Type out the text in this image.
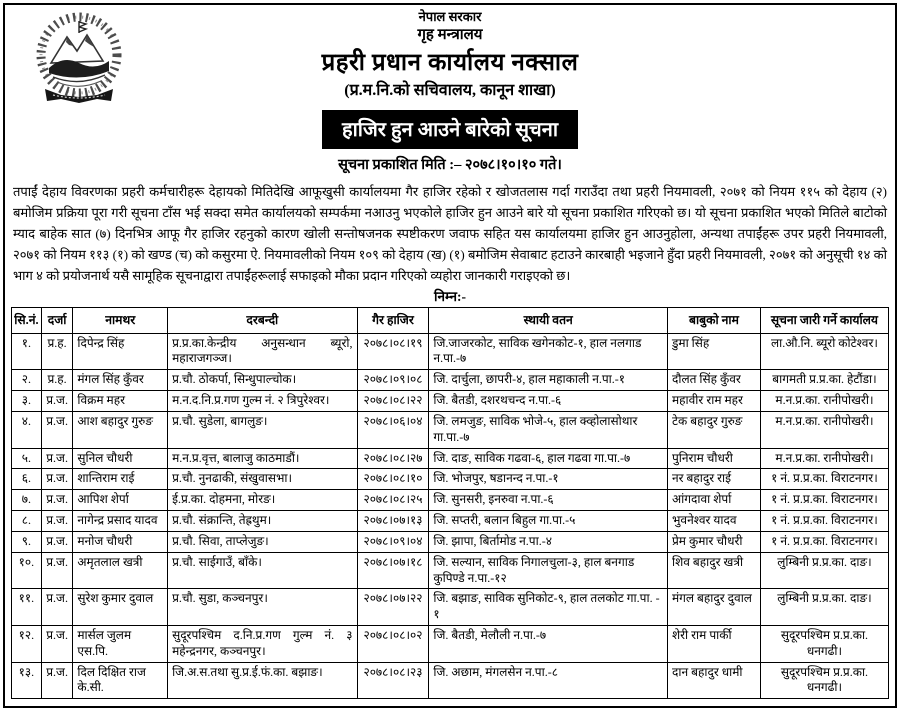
नेपाल सरकार
गृह मन्त्रालय
प्रहरी प्रधान कार्यालय नक्साल
(प्र.म.नि.को सचिवालय, कानून शाखा)
हाजिर हुन आउने बारेको सूचना
सूचना प्रकाशित मिति :– २०७८।१०।१० गते।
तपाईं देहाय विवरणका प्रहरी कर्मचारीहरू देहायको मितिदेखि आफूखुसी कार्यालयमा गैर हाजिर रहेको र खोजतलास गर्दा गराउँदा तथा प्रहरी नियमावली, २०७१ को नियम ११५ को देहाय (२) बमोजिम प्रक्रिया पूरा गरी सूचना टाँस भई सक्दा समेत कार्यालयको सम्पर्कमा नआउनु भएकोले हाजिर हुन आउने बारे यो सूचना प्रकाशित गरिएको छ। यो सूचना प्रकाशित भएको मितिले बाटोको म्याद बाहेक सात (७) दिनभित्र आफू गैर हाजिर रहनुको कारण खोली सन्तोषजनक स्पष्टीकरण जवाफ सहित यस कार्यालयमा हाजिर हुन आउनुहोला, अन्यथा तपाईंहरू उपर प्रहरी नियमावली, २०७१ को नियम ११३ (१) को खण्ड (च) को कसुरमा ऐ. नियमावलीको नियम १०९ को देहाय (ख) (१) बमोजिम सेवाबाट हटाउने कारबाही भइजाने हुँदा प्रहरी नियमावली, २०७१ को अनुसूची १४ को भाग ४ को प्रयोजनार्थ यसै सामूहिक सूचनाद्वारा तपाईंहरूलाई सफाइको मौका प्रदान गरिएको व्यहोरा जानकारी गराइएको छ।
निम्न:-
सि.नं.	दर्जा	नामथर	दरबन्दी	गैर हाजिर	स्थायी वतन	बाबुको नाम	सूचना जारी गर्ने कार्यालय
१.	प्र.ह.	दिपेन्द्र सिंह	प्र.प्र.का.केन्द्रीय अनुसन्धान ब्यूरो, महाराजगञ्ज।	२०७८।०८।१९	जि.जाजरकोट, साविक खगेनकोट-१, हाल नलगाड न.पा.-७	डुमा सिंह	ला.औ.नि. ब्यूरो कोटेश्वर।
२.	प्र.ह.	मंगल सिंह कुँवर	प्र.चौ. ठोकर्पा, सिन्धुपाल्चोक।	२०७८।०९।०८	जि. दार्चुला, छापरी-४, हाल महाकाली न.पा.-१	दौलत सिंह कुँवर	बागमती प्र.प्र.का. हेटौंडा।
३.	प्र.ज.	विक्रम महर	म.न.द.नि.प्र.गण गुल्म नं. २ त्रिपुरेश्वर।	२०७८।०८।२२	जि. बैतडी, दशरथचन्द न.पा.-६	महावीर राम महर	म.न.प्र.का. रानीपोखरी।
४.	प्र.ज.	आश बहादुर गुरुङ	प्र.चौ. सुडेला, बागलुङ।	२०७८।०६।०४	जि. लमजुङ, साविक भोजे-५, हाल क्व्होलासोथार गा.पा.-७	टेक बहादुर गुरुङ	म.न.प्र.का. रानीपोखरी।
५.	प्र.ज.	सुनिल चौधरी	म.न.प्र.वृत्त, बालाजु काठमाडौं।	२०७८।०८।२७	जि. दाङ, साविक गढवा-६, हाल गढवा गा.पा.-७	पुनिराम चौधरी	म.न.प्र.का. रानीपोखरी।
६.	प्र.ज.	शान्तिराम राई	प्र.चौ. नुनढाकी, संखुवासभा।	२०७८।०८।१०	जि. भोजपुर, षडानन्द न.पा.-१	नर बहादुर राई	१ नं. प्र.प्र.का. विराटनगर।
७.	प्र.ज.	आपिश शेर्पा	ई.प्र.का. दोहमना, मोरङ।	२०७८।०८।२५	जि. सुनसरी, इनरुवा न.पा.-६	आंगदावा शेर्पा	१ नं. प्र.प्र.का. विराटनगर।
८.	प्र.ज.	नागेन्द्र प्रसाद यादव	प्र.चौ. संक्रान्ति, तेह्रथुम।	२०७८।०७।१३	जि. सप्तरी, बलान बिहुल गा.पा.-५	भुवनेश्वर यादव	१ नं. प्र.प्र.का. विराटनगर।
९.	प्र.ज.	मनोज चौधरी	प्र.चौ. सिवा, ताप्लेजुङ।	२०७८।०९।०४	जि. झापा, बिर्तामोड न.पा.-४	प्रेम कुमार चौधरी	१ नं. प्र.प्र.का. विराटनगर।
१०.	प्र.ज.	अमृतलाल खत्री	प्र.चौ. साईगाउँ, बाँके।	२०७८।०७।१८	जि. सल्यान, साविक निगालचुला-३, हाल बनगाड कुपिण्डे न.पा.-१२	शिव बहादुर खत्री	लुम्बिनी प्र.प्र.का. दाङ।
११.	प्र.ज.	सुरेश कुमार दुवाल	प्र.चौ. सुडा, कञ्चनपुर।	२०७८।०७।२२	जि. बझाङ, साविक सुनिकोट-९, हाल तलकोट गा.पा. - १	मंगल बहादुर दुवाल	लुम्बिनी प्र.प्र.का. दाङ।
१२.	प्र.ज.	मार्सल जुलम एस.पि.	सुदूरपश्चिम द.नि.प्र.गण गुल्म नं. ३ महेन्द्रनगर, कञ्चनपुर।	२०७८।०८।०२	जि. बैतडी, मेलौली न.पा.-७	शेरी राम पार्की	सुदूरपश्चिम प्र.प्र.का. धनगढी।
१३.	प्र.ज.	दिल दिक्षित राज के.सी.	जि.अ.स.तथा सु.प्र.ई.फं.का. बझाङ।	२०७८।०८।२३	जि. अछाम, मंगलसेन न.पा.-८	दान बहादुर धामी	सुदूरपश्चिम प्र.प्र.का. धनगढी।
